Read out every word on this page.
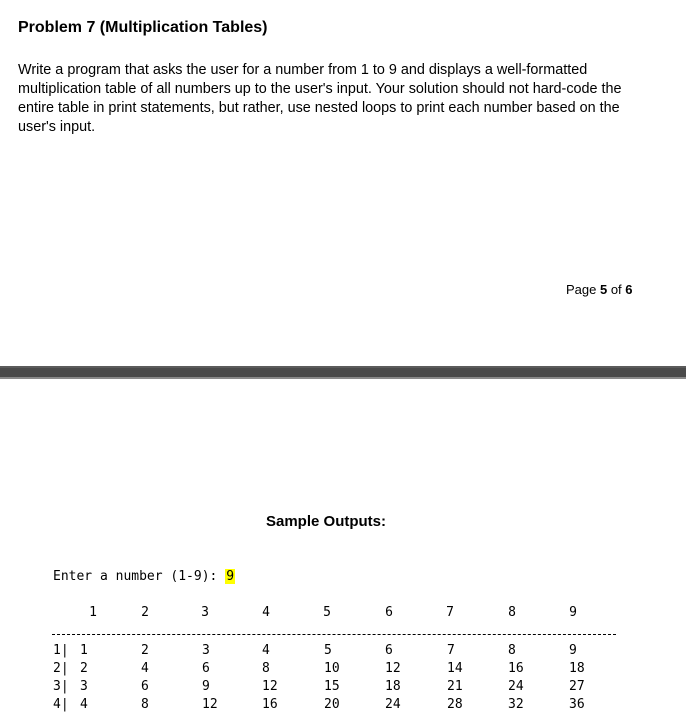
Problem 7 (Multiplication Tables)

Write a program that asks the user for a number from 1 to 9 and displays a well-formatted multiplication table of all numbers up to the user's input. Your solution should not hard-code the entire table in print statements, but rather, use nested loops to print each number based on the user's input.

Page 5 of 6
Sample Outputs:
Enter a number (1-9): 9
1	2	3	4	5	6	7	8	9
1| 1	2	3	4	5	6	7	8	9
2| 2	4	6	8	10	12	14	16	18
3| 3	6	9	12	15	18	21	24	27
4| 4	8	12	16	20	24	28	32	36
